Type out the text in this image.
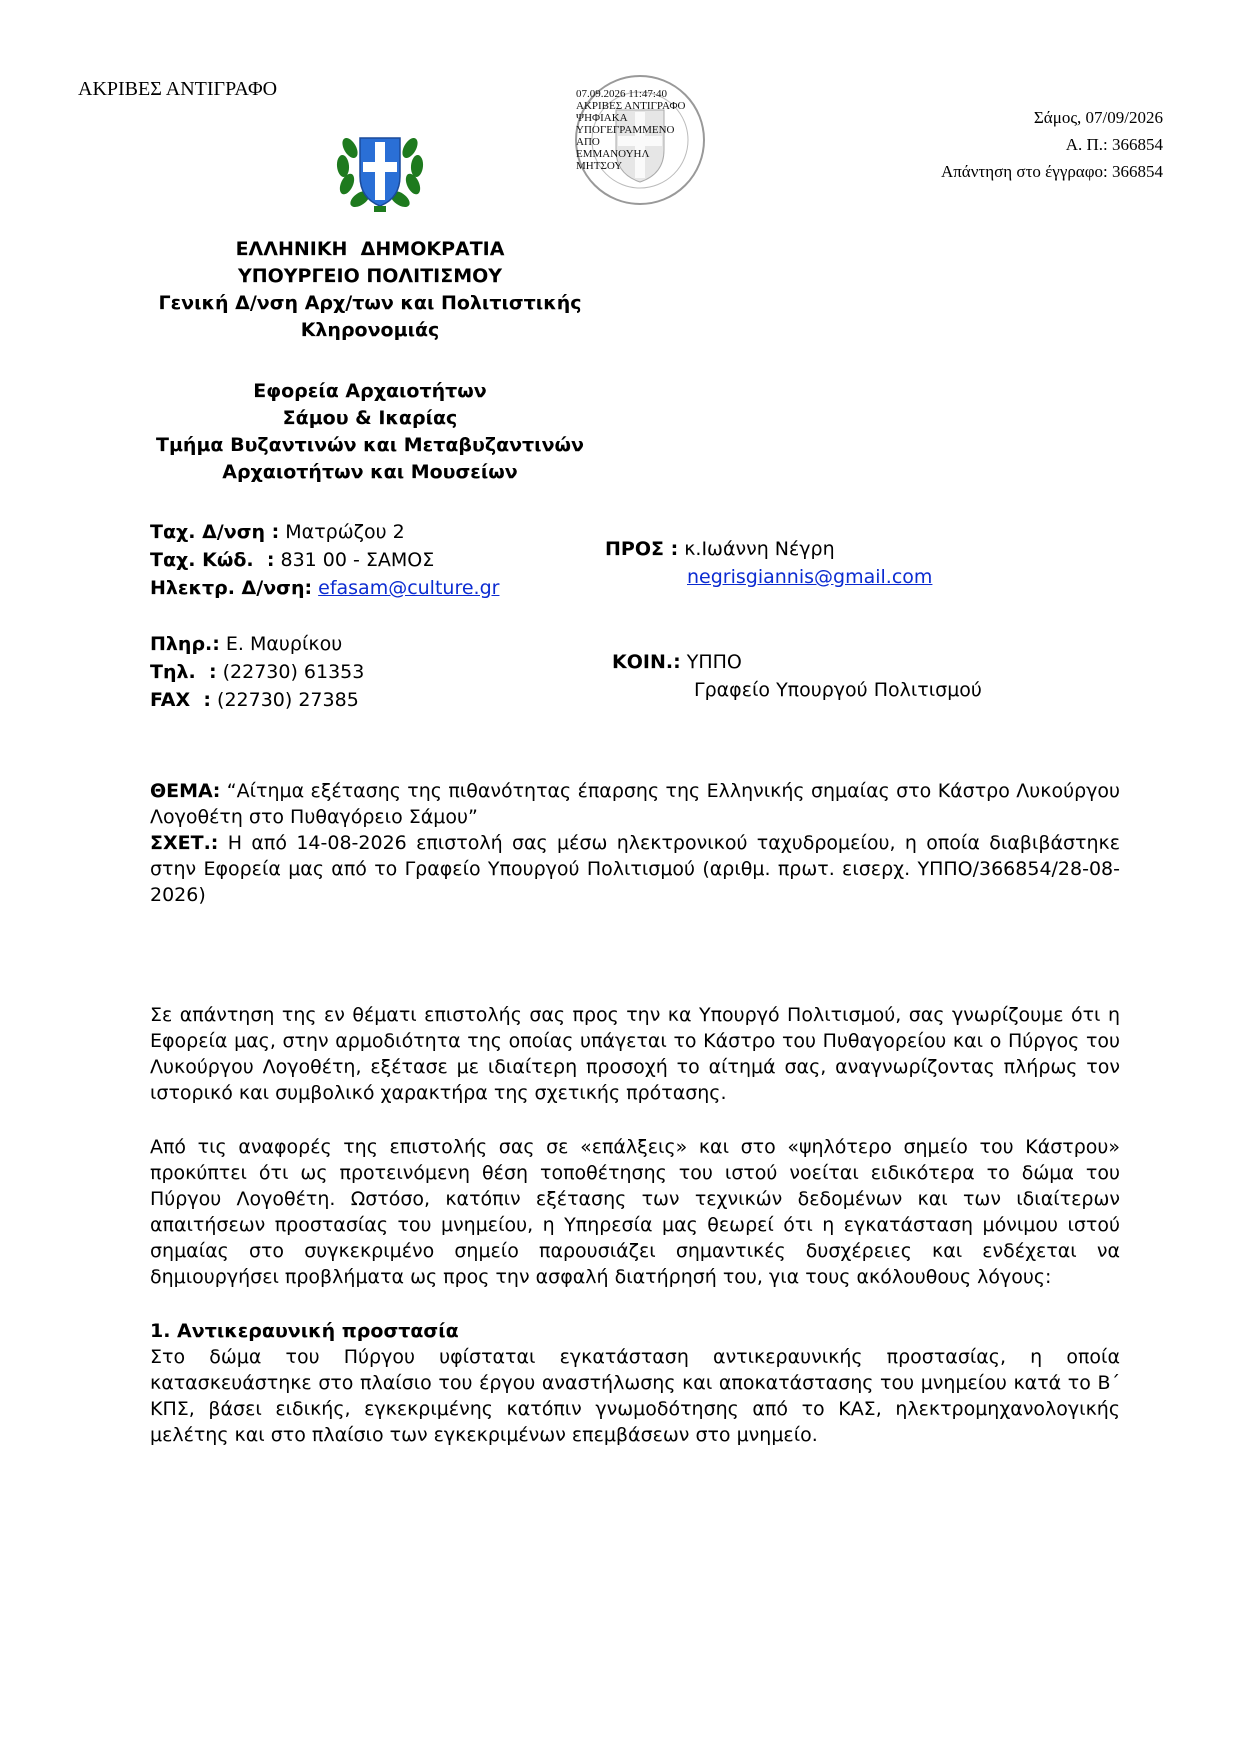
ΑΚΡΙΒΕΣ ΑΝΤΙΓΡΑΦΟ	07.09.2026 11:47:40
ΑΚΡΙΒΕΣ ΑΝΤΙΓΡΑΦΟ
ΨΗΦΙΑΚΑ
ΥΠΟΓΕΓΡΑΜΜΕΝΟ
ΑΠΟ
ΕΜΜΑΝΟΥΗΛ
ΜΗΤΣΟΥ
Σάμος, 07/09/2026
Α. Π.: 366854
Απάντηση στο έγγραφο: 366854
ΕΛΛΗΝΙΚΗ  ΔΗΜΟΚΡΑΤΙΑ
ΥΠΟΥΡΓΕΙΟ ΠΟΛΙΤΙΣΜΟΥ
Γενική Δ/νση Αρχ/των και Πολιτιστικής
Κληρονομιάς
Εφορεία Αρχαιοτήτων
Σάμου & Ικαρίας
Τμήμα Βυζαντινών και Μεταβυζαντινών
Αρχαιοτήτων και Μουσείων
Ταχ. Δ/νση : Ματρώζου 2
Ταχ. Κώδ.  : 831 00 - ΣΑΜΟΣ
Ηλεκτρ. Δ/νση: efasam@culture.gr
Πληρ.: Ε. Μαυρίκου
Τηλ.  : (22730) 61353
FAX  : (22730) 27385
ΠΡΟΣ : κ.Ιωάννη Νέγρη
negrisgiannis@gmail.com
ΚΟΙΝ.: ΥΠΠΟ
Γραφείο Υπουργού Πολιτισμού
ΘΕΜΑ: “Αίτημα εξέτασης της πιθανότητας έπαρσης της Ελληνικής σημαίας στο Κάστρο Λυκούργου Λογοθέτη στο Πυθαγόρειο Σάμου”
ΣΧΕΤ.: Η από 14-08-2026 επιστολή σας μέσω ηλεκτρονικού ταχυδρομείου, η οποία διαβιβάστηκε στην Εφορεία μας από το Γραφείο Υπουργού Πολιτισμού (αριθμ. πρωτ. εισερχ. ΥΠΠΟ/366854/28-08-2026)

Σε απάντηση της εν θέματι επιστολής σας προς την κα Υπουργό Πολιτισμού, σας γνωρίζουμε ότι η Εφορεία μας, στην αρμοδιότητα της οποίας υπάγεται το Κάστρο του Πυθαγορείου και ο Πύργος του Λυκούργου Λογοθέτη, εξέτασε με ιδιαίτερη προσοχή το αίτημά σας, αναγνωρίζοντας πλήρως τον ιστορικό και συμβολικό χαρακτήρα της σχετικής πρότασης.

Από τις αναφορές της επιστολής σας σε «επάλξεις» και στο «ψηλότερο σημείο του Κάστρου» προκύπτει ότι ως προτεινόμενη θέση τοποθέτησης του ιστού νοείται ειδικότερα το δώμα του Πύργου Λογοθέτη. Ωστόσο, κατόπιν εξέτασης των τεχνικών δεδομένων και των ιδιαίτερων απαιτήσεων προστασίας του μνημείου, η Υπηρεσία μας θεωρεί ότι η εγκατάσταση μόνιμου ιστού σημαίας στο συγκεκριμένο σημείο παρουσιάζει σημαντικές δυσχέρειες και ενδέχεται να δημιουργήσει προβλήματα ως προς την ασφαλή διατήρησή του, για τους ακόλουθους λόγους:

1. Αντικεραυνική προστασία

Στο δώμα του Πύργου υφίσταται εγκατάσταση αντικεραυνικής προστασίας, η οποία κατασκευάστηκε στο πλαίσιο του έργου αναστήλωσης και αποκατάστασης του μνημείου κατά το Β΄ ΚΠΣ, βάσει ειδικής, εγκεκριμένης κατόπιν γνωμοδότησης από το ΚΑΣ, ηλεκτρομηχανολογικής μελέτης και στο πλαίσιο των εγκεκριμένων επεμβάσεων στο μνημείο.
